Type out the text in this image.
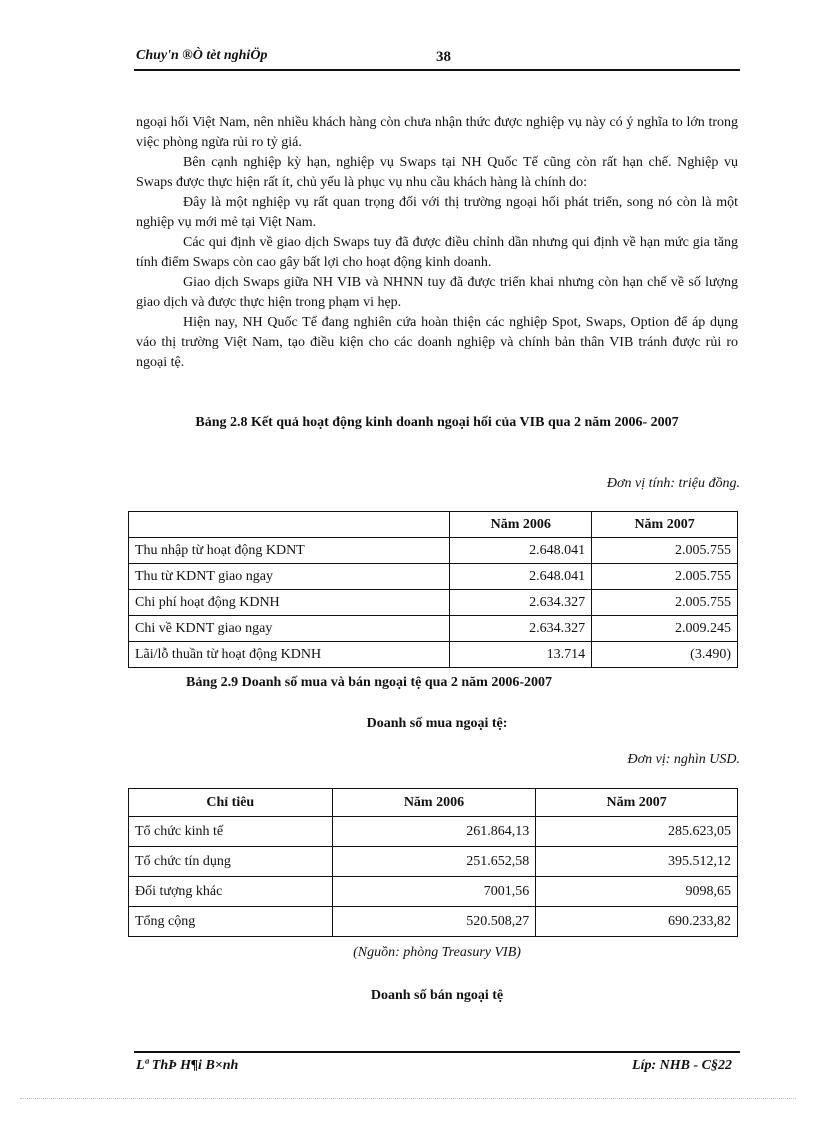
Chuy'n ®Ò tèt nghiÖp	38

ngoại hối Việt Nam, nên nhiều khách hàng còn chưa nhận thức được nghiệp vụ này có ý nghĩa to lớn trong việc phòng ngừa rủi ro tỷ giá.

Bên cạnh nghiệp kỳ hạn, nghiệp vụ Swaps tại NH Quốc Tế cũng còn rất hạn chế. Nghiệp vụ Swaps được thực hiện rất ít, chủ yếu là phục vụ nhu cầu khách hàng là chính do:

Đây là một nghiệp vụ rất quan trọng đối với thị trường ngoại hối phát triển, song nó còn là một nghiệp vụ mới mẻ tại Việt Nam.

Các qui định về giao dịch Swaps tuy đã được điều chỉnh dần nhưng qui định về hạn mức gia tăng tính điểm Swaps còn cao gây bất lợi cho hoạt động kinh doanh.

Giao dịch Swaps giữa NH VIB và NHNN tuy đã được triển khai nhưng còn hạn chế về số lượng giao dịch và được thực hiện trong phạm vi hẹp.

Hiện nay, NH Quốc Tế đang nghiên cứa hoàn thiện các nghiệp Spot, Swaps, Option để áp dụng váo thị trường Việt Nam, tạo điều kiện cho các doanh nghiệp và chính bản thân VIB tránh được rủi ro ngoại tệ.

Bảng 2.8 Kết quả hoạt động kinh doanh ngoại hối của VIB qua 2 năm 2006- 2007
Đơn vị tính: triệu đồng.
	Năm 2006	Năm 2007
Thu nhập từ hoạt động KDNT	2.648.041	2.005.755
Thu từ KDNT giao ngay	2.648.041	2.005.755
Chi phí hoạt động KDNH	2.634.327	2.005.755
Chi về KDNT giao ngay	2.634.327	2.009.245
Lãi/lỗ thuần từ hoạt động KDNH	13.714	(3.490)
Bảng 2.9 Doanh số mua và bán ngoại tệ qua 2 năm 2006-2007
Doanh số mua ngoại tệ:
Đơn vị: nghìn USD.
Chỉ tiêu	Năm 2006	Năm 2007
Tổ chức kinh tế	261.864,13	285.623,05
Tổ chức tín dụng	251.652,58	395.512,12
Đối tượng khác	7001,56	9098,65
Tổng cộng	520.508,27	690.233,82
(Nguồn: phòng Treasury VIB)
Doanh số bán ngoại tệ
Lª ThÞ H¶i B×nh	Líp: NHB - C§22
